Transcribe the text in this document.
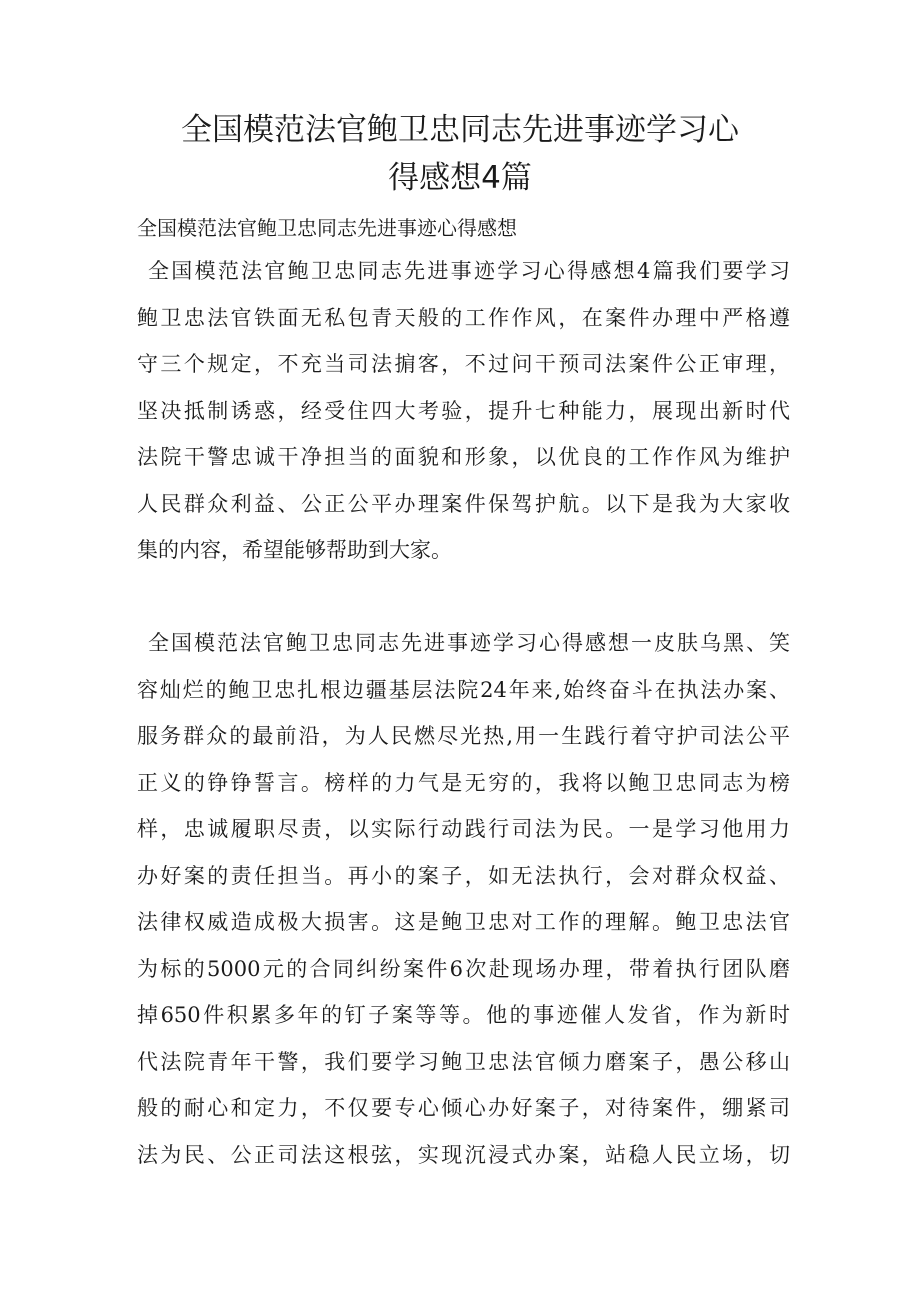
全国模范法官鲍卫忠同志先进事迹学习心
得感想4篇
全国模范法官鲍卫忠同志先进事迹心得感想
全国模范法官鲍卫忠同志先进事迹学习心得感想4篇我们要学习
鲍卫忠法官铁面无私包青天般的工作作风，在案件办理中严格遵
守三个规定，不充当司法掮客，不过问干预司法案件公正审理，
坚决抵制诱惑，经受住四大考验，提升七种能力，展现出新时代
法院干警忠诚干净担当的面貌和形象，以优良的工作作风为维护
人民群众利益、公正公平办理案件保驾护航。以下是我为大家收
集的内容，希望能够帮助到大家。
全国模范法官鲍卫忠同志先进事迹学习心得感想一皮肤乌黑、笑
容灿烂的鲍卫忠扎根边疆基层法院24年来,始终奋斗在执法办案、
服务群众的最前沿，为人民燃尽光热,用一生践行着守护司法公平
正义的铮铮誓言。榜样的力气是无穷的，我将以鲍卫忠同志为榜
样，忠诚履职尽责，以实际行动践行司法为民。一是学习他用力
办好案的责任担当。再小的案子，如无法执行，会对群众权益、
法律权威造成极大损害。这是鲍卫忠对工作的理解。鲍卫忠法官
为标的5000元的合同纠纷案件6次赴现场办理，带着执行团队磨
掉650件积累多年的钉子案等等。他的事迹催人发省，作为新时
代法院青年干警，我们要学习鲍卫忠法官倾力磨案子，愚公移山
般的耐心和定力，不仅要专心倾心办好案子，对待案件，绷紧司
法为民、公正司法这根弦，实现沉浸式办案，站稳人民立场，切
